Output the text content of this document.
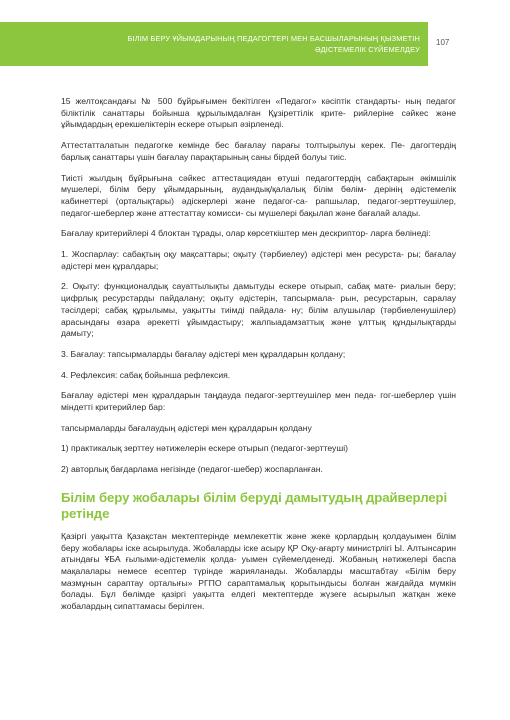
БІЛІМ БЕРУ ҰЙЫМДАРЫНЫҢ ПЕДАГОГТЕРІ МЕН БАСШЫЛАРЫНЫҢ ҚЫЗМЕТІН
ӘДІСТЕМЕЛІК СҮЙЕМЕЛДЕУ
107

15 желтоқсандағы № 500 бұйрығымен бекітілген «Педагог» кәсіптік стандарты- ның педагог біліктілік санаттары бойынша құрылымдалған Құзіреттілік крите- рийлеріне сәйкес және ұйымдардың ерекшеліктерін ескере отырып әзірленеді.

Аттестатталатын педагогке кемінде бес бағалау парағы толтырылуы керек. Пе- дагогтердің барлық санаттары үшін бағалау парақтарының саны бірдей болуы тиіс.

Тиісті жылдың бұйрығына сәйкес аттестациядан өтуші педагогтердің сабақтарын әкімшілік мүшелері, білім беру ұйымдарының, аудандық/қалалық білім бөлім- дерінің әдістемелік кабинеттері (орталықтары) әдіскерлері және педагог-са- рапшылар, педагог-зерттеушілер, педагог-шеберлер және аттестаттау комисси- сы мүшелері бақылап және бағалай алады.

Бағалау критерийлері 4 блоктан тұрады, олар көрсеткіштер мен дескриптор- ларға бөлінеді:

1. Жоспарлау: сабақтың оқу мақсаттары; оқыту (тәрбиелеу) әдістері мен ресурста- ры; бағалау әдістері мен құралдары;

2. Оқыту: функционалдық сауаттылықты дамытуды ескере отырып, сабақ мате- риалын беру; цифрлық ресурстарды пайдалану; оқыту әдістерін, тапсырмала- рын, ресурстарын, саралау тәсілдері; сабақ құрылымы, уақытты тиімді пайдала- ну; білім алушылар (тәрбиеленушілер) арасындағы өзара әрекетті ұйымдастыру; жалпыадамзаттық және ұлттық құндылықтарды дамыту;

3. Бағалау: тапсырмаларды бағалау әдістері мен құралдарын қолдану;

4. Рефлексия: сабақ бойынша рефлексия.

Бағалау әдістері мен құралдарын таңдауда педагог-зерттеушілер мен педа- гог-шеберлер үшін міндетті критерийлер бар:

тапсырмаларды бағалаудың әдістері мен құралдарын қолдану

1) практикалық зерттеу нәтижелерін ескере отырып (педагог-зерттеуші)

2) авторлық бағдарлама негізінде (педагог-шебер) жоспарланған.

Білім беру жобалары білім беруді дамытудың драйверлері ретінде

Қазіргі уақытта Қазақстан мектептерінде мемлекеттік және жеке қорлардың қолдауымен білім беру жобалары іске асырылуда. Жобаларды іске асыру ҚР Оқу-ағарту министрлігі Ы. Алтынсарин атындағы ҰБА ғылыми-әдістемелік қолда- уымен сүйемелденеді. Жобаның нәтижелері баспа мақалалары немесе есептер түрінде жарияланады. Жобаларды масштабтау «Білім беру мазмұнын сараптау орталығы» РГПО сараптамалық қорытындысы болған жағдайда мүмкін болады. Бұл бөлімде қазіргі уақытта елдегі мектептерде жүзеге асырылып жатқан жеке жобалардың сипаттамасы берілген.
